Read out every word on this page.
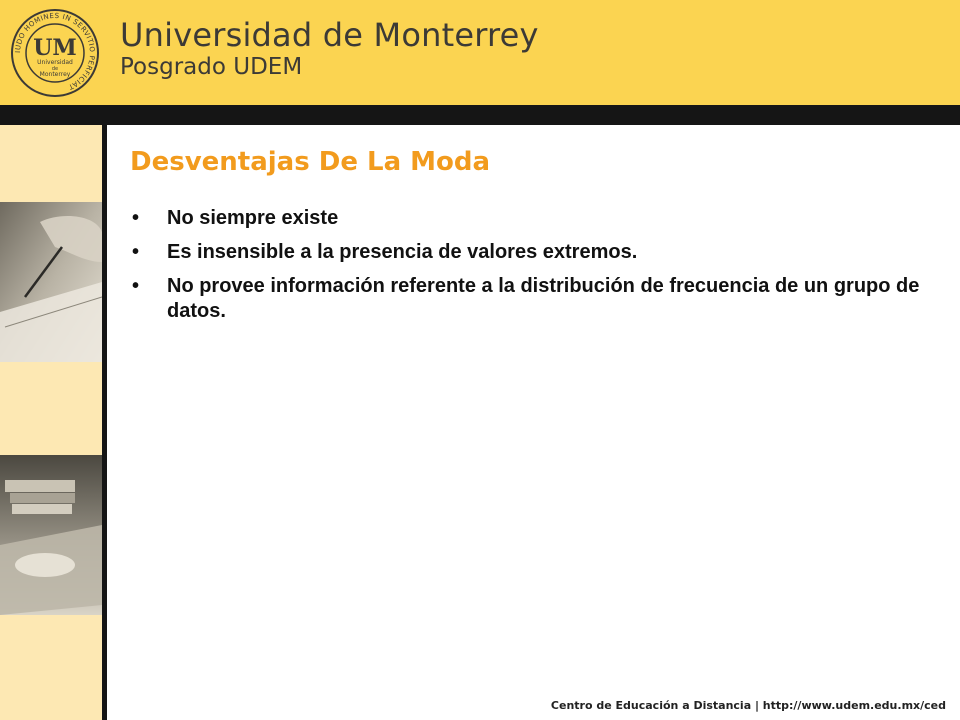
IUDO HOMINES IN SERVITIO PERFICIAT
UM
Universidad
de
Monterrey
Universidad de Monterrey
Posgrado UDEM
Desventajas De La Moda
• No siempre existe
• Es insensible a la presencia de valores extremos.
• No provee información referente a la distribución de frecuencia de un grupo de datos.
Centro de Educación a Distancia | http://www.udem.edu.mx/ced
